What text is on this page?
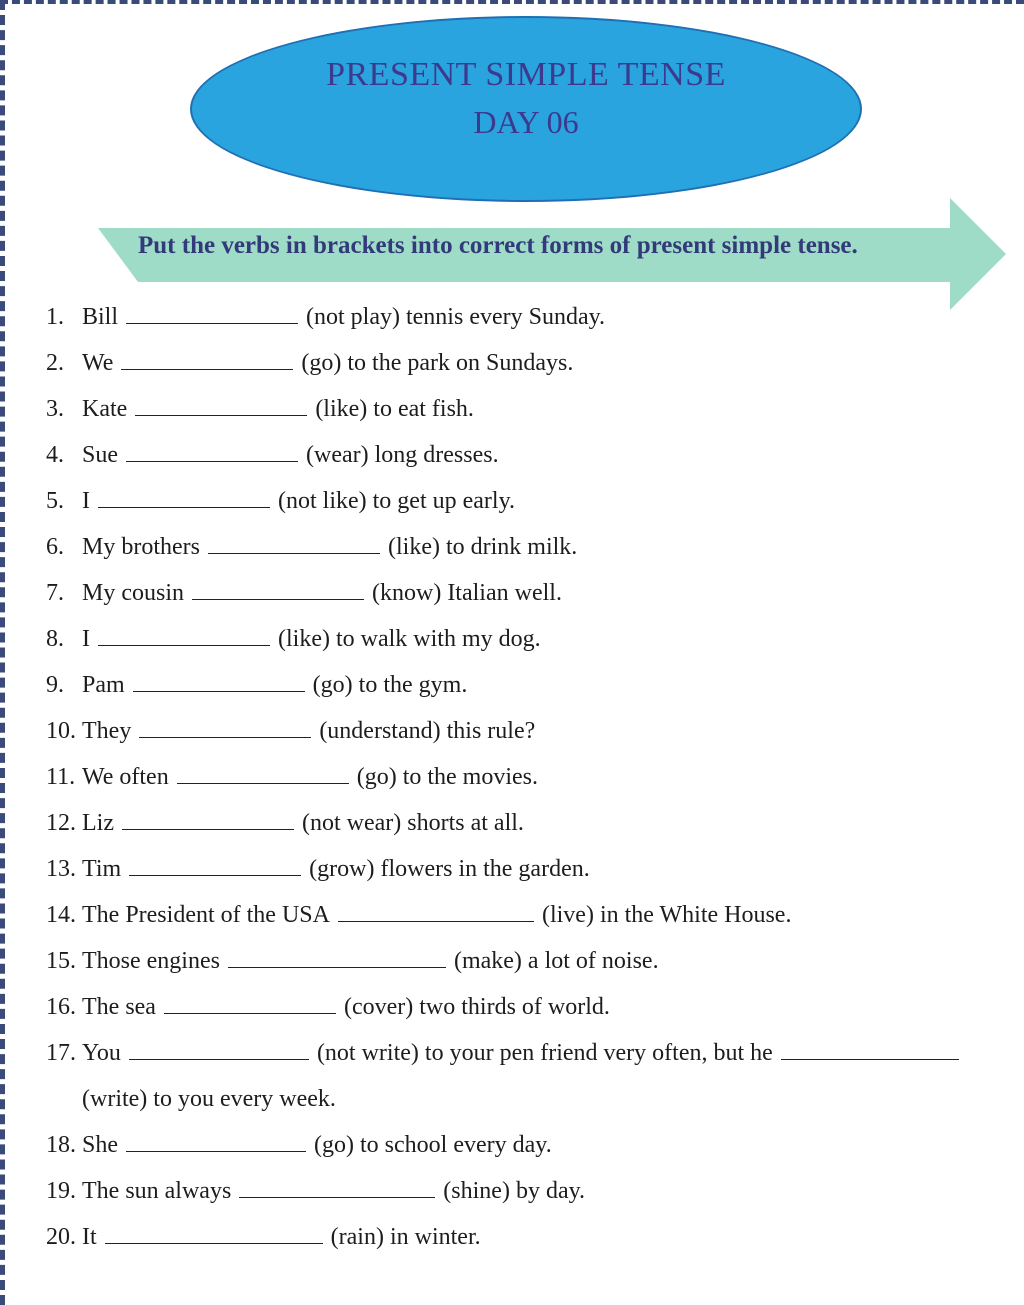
PRESENT SIMPLE TENSE
DAY 06
Put the verbs in brackets into correct forms of present simple tense.
1. Bill	(not play) tennis every Sunday.
2. We	(go) to the park on Sundays.
3. Kate	(like) to eat fish.
4. Sue	(wear) long dresses.
5. I	(not like) to get up early.
6. My brothers	(like) to drink milk.
7. My cousin	(know) Italian well.
8. I	(like) to walk with my dog.
9. Pam	(go) to the gym.
10. They	(understand) this rule?
11. We often	(go) to the movies.
12. Liz	(not wear) shorts at all.
13. Tim	(grow) flowers in the garden.
14. The President of the USA	(live) in the White House.
15. Those engines	(make) a lot of noise.
16. The sea	(cover) two thirds of world.
17. You	(not write) to your pen friend very often, but he
(write) to you every week.
18. She	(go) to school every day.
19. The sun always	(shine) by day.
20. It	(rain) in winter.
